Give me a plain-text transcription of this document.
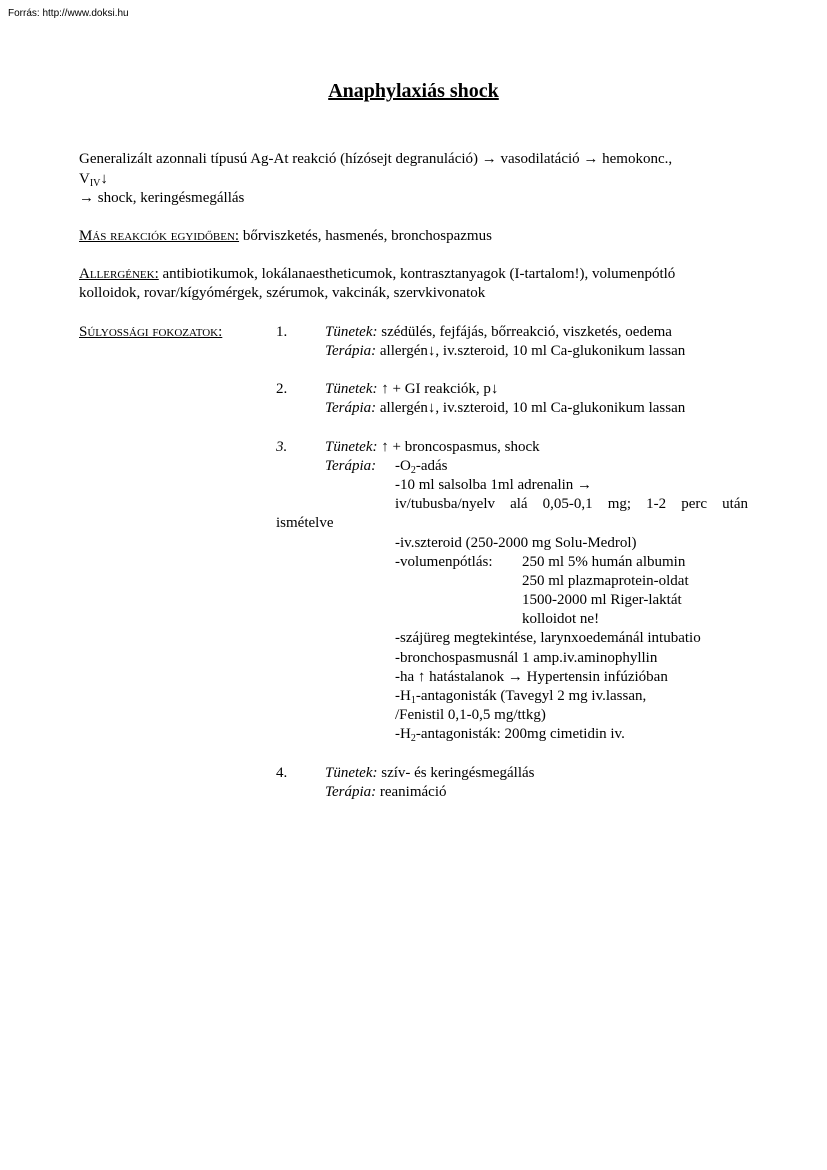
Forrás: http://www.doksi.hu
Anaphylaxiás shock
Generalizált azonnali típusú Ag-At reakció (hízósejt degranuláció) → vasodilatáció → hemokonc.,
$V_{IV}↓$
→ shock, keringésmegállás
Más reakciók egyidőben: bőrviszketés, hasmenés, bronchospazmus
Allergének: antibiotikumok, lokálanaestheticumok, kontrasztanyagok (I-tartalom!), volumenpótló
kolloidok, rovar/kígyómérgek, szérumok, vakcinák, szervkivonatok
Súlyossági fokozatok:	1.	Tünetek: szédülés, fejfájás, bőrreakció, viszketés, oedema
Terápia: allergén↓, iv.szteroid, 10 ml Ca-glukonikum lassan
2.	Tünetek: ↑ + GI reakciók, p↓
Terápia: allergén↓, iv.szteroid, 10 ml Ca-glukonikum lassan
3.	Tünetek: ↑ + broncospasmus, shock
Terápia: $-O_2$-adás
-10 ml salsolba 1ml adrenalin →
iv/tubusba/nyelv alá 0,05-0,1 mg; 1-2 perc után
ismételve
-iv.szteroid (250-2000 mg Solu-Medrol)
-volumenpótlás: 250 ml 5% humán albumin
250 ml plazmaprotein-oldat
1500-2000 ml Riger-laktát
kolloidot ne!
-szájüreg megtekintése, larynxoedemánál intubatio
-bronchospasmusnál 1 amp.iv.aminophyllin
-ha ↑ hatástalanok → Hypertensin infúzióban
$-H_1$-antagonisták (Tavegyl 2 mg iv.lassan,
/Fenistil 0,1-0,5 mg/ttkg)
$-H_2$-antagonisták: 200mg cimetidin iv.
4.	Tünetek: szív- és keringésmegállás
Terápia: reanimáció
